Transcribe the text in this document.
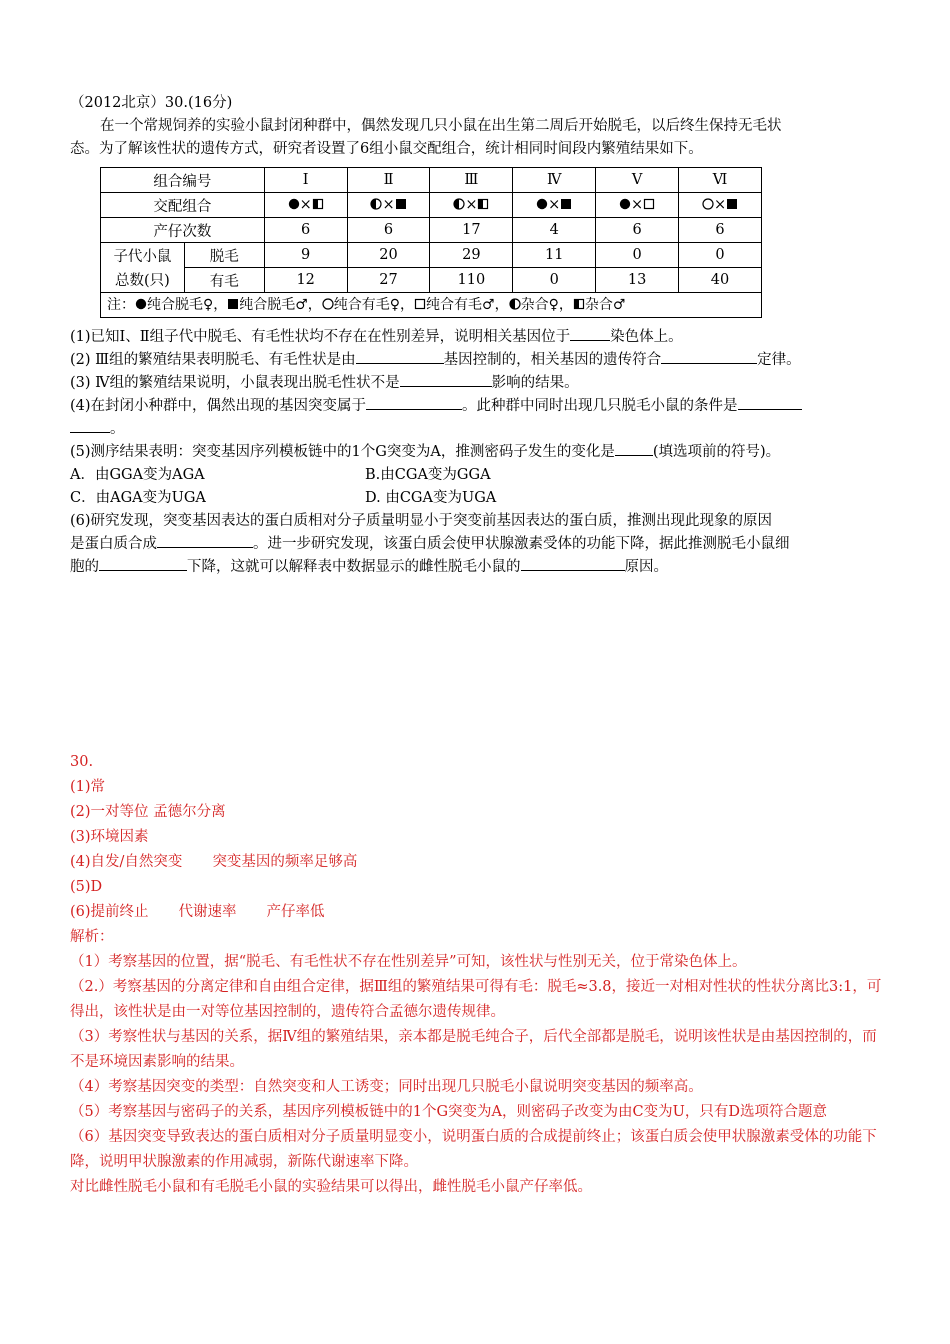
（2012北京）30.(16分)
在一个常规饲养的实验小鼠封闭种群中，偶然发现几只小鼠在出生第二周后开始脱毛，以后终生保持无毛状
态。为了解该性状的遗传方式，研究者设置了6组小鼠交配组合，统计相同时间段内繁殖结果如下。
组合编号		Ⅰ	Ⅱ	Ⅲ	Ⅳ	Ⅴ	Ⅵ
交配组合		×	×	×	×	×	×
产仔次数		6	6	17	4	6	6
子代小鼠	脱毛	9	20	29	11	0	0
总数(只)	有毛	12	27	110	0	13	40
注： 纯合脱毛♀， 纯合脱毛♂， 纯合有毛♀， 纯合有毛♂， 杂合♀， 杂合♂
(1)已知Ⅰ、Ⅱ组子代中脱毛、有毛性状均不存在在性别差异，说明相关基因位于	染色体上。
(2) Ⅲ组的繁殖结果表明脱毛、有毛性状是由	基因控制的，相关基因的遗传符合	定律。
(3) Ⅳ组的繁殖结果说明，小鼠表现出脱毛性状不是	影响的结果。
(4)在封闭小种群中，偶然出现的基因突变属于	。此种群中同时出现几只脱毛小鼠的条件是
。
(5)测序结果表明：突变基因序列模板链中的1个G突变为A，推测密码子发生的变化是	(填选项前的符号)。
A．由GGA变为AGA	B.由CGA变为GGA
C．由AGA变为UGA	D. 由CGA变为UGA
(6)研究发现，突变基因表达的蛋白质相对分子质量明显小于突变前基因表达的蛋白质，推测出现此现象的原因
是蛋白质合成	。进一步研究发现，该蛋白质会使甲状腺激素受体的功能下降，据此推测脱毛小鼠细
胞的	下降，这就可以解释表中数据显示的雌性脱毛小鼠的	原因。
30.
(1)常
(2)一对等位 孟德尔分离
(3)环境因素
(4)自发/自然突变 突变基因的频率足够高
(5)D
(6)提前终止 代谢速率 产仔率低
解析：
（1）考察基因的位置，据“脱毛、有毛性状不存在性别差异”可知，该性状与性别无关，位于常染色体上。
（2.）考察基因的分离定律和自由组合定律，据Ⅲ组的繁殖结果可得有毛：脱毛≈3.8，接近一对相对性状的性状分离比3:1，可得出，该性状是由一对等位基因控制的，遗传符合孟德尔遗传规律。
（3）考察性状与基因的关系，据Ⅳ组的繁殖结果，亲本都是脱毛纯合子，后代全部都是脱毛，说明该性状是由基因控制的，而不是环境因素影响的结果。
（4）考察基因突变的类型：自然突变和人工诱变；同时出现几只脱毛小鼠说明突变基因的频率高。
（5）考察基因与密码子的关系，基因序列模板链中的1个G突变为A，则密码子改变为由C变为U，只有D选项符合题意
（6）基因突变导致表达的蛋白质相对分子质量明显变小，说明蛋白质的合成提前终止；该蛋白质会使甲状腺激素受体的功能下降，说明甲状腺激素的作用减弱，新陈代谢速率下降。
对比雌性脱毛小鼠和有毛脱毛小鼠的实验结果可以得出，雌性脱毛小鼠产仔率低。
